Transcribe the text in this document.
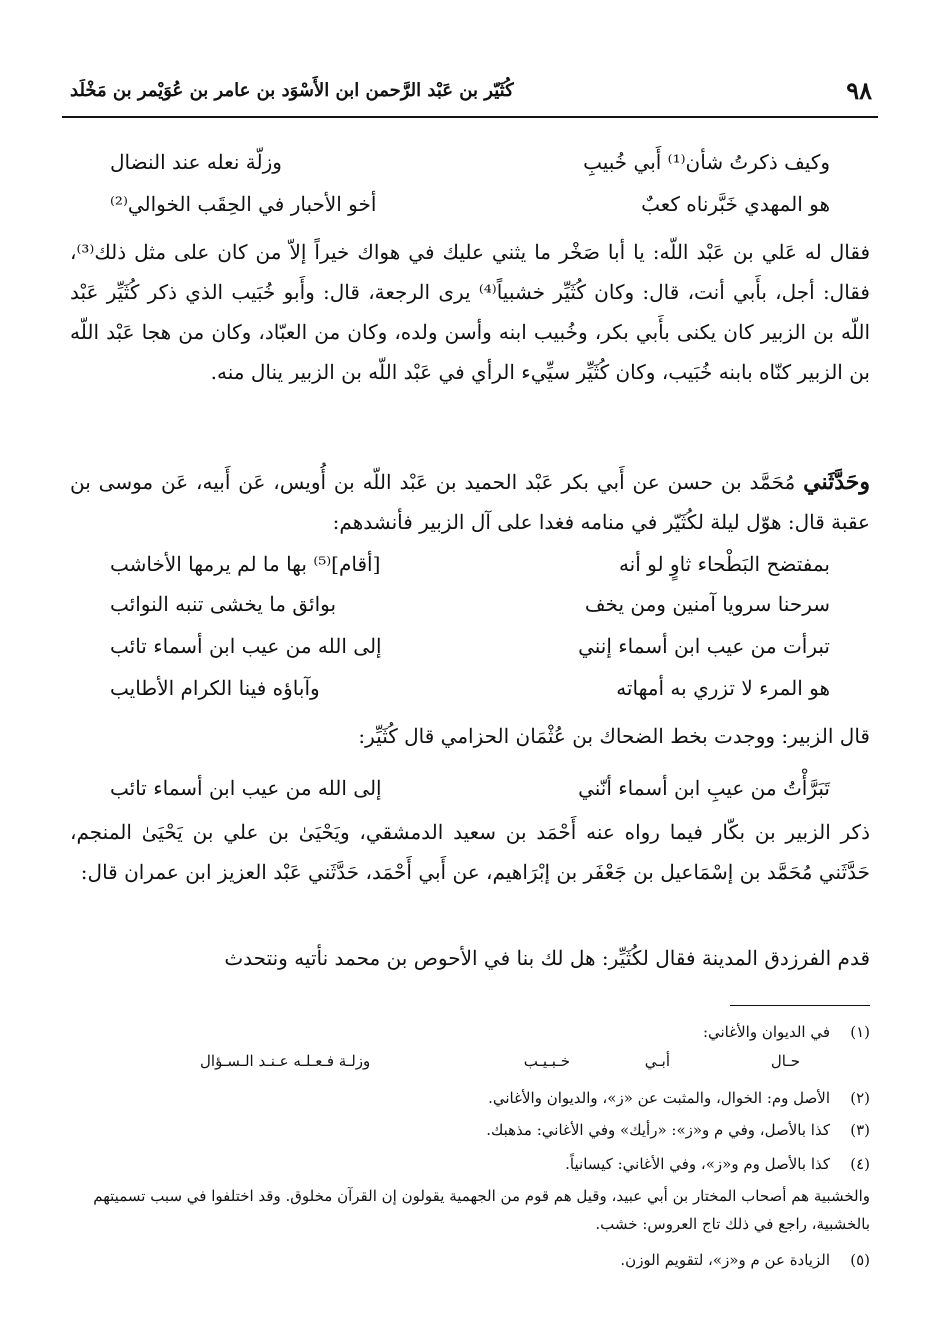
٩٨
كُثَيّر بن عَبْد الرَّحمن ابن الأَسْوَد بن عامر بن عُوَيْمر بن مَخْلَد
وكيف ذكرتُ شأن⁽¹⁾ أَبي خُبيبِ
وزلّة نعله عند النضال
هو المهدي خَبَّرناه كعبٌ
أخو الأحبار في الحِقَب الخوالي⁽²⁾
فقال له عَلي بن عَبْد اللّه: يا أبا صَخْر ما يثني عليك في هواك خيراً إلاّ من كان على مثل ذلك⁽³⁾، فقال: أجل، بأَبي أنت، قال: وكان كُثَيِّر خشبياً⁽⁴⁾ يرى الرجعة، قال: وأَبو خُبَيب الذي ذكر كُثَيِّر عَبْد اللّه بن الزبير كان يكنى بأَبي بكر، وخُبيب ابنه وأسن ولده، وكان من العبّاد، وكان من هجا عَبْد اللّه بن الزبير كنّاه بابنه خُبَيب، وكان كُثَيِّر سيِّيء الرأي في عَبْد اللّه بن الزبير ينال منه.
وحَدَّثَني مُحَمَّد بن حسن عن أَبي بكر عَبْد الحميد بن عَبْد اللّه بن أُويس، عَن أَبيه، عَن موسى بن عقبة قال: هوّل ليلة لكُثَيّر في منامه فغدا على آل الزبير فأنشدهم:
بمفتضح البَطْحاء ثاوٍ لو أنه
[أقام]⁽⁵⁾ بها ما لم يرمها الأخاشب
سرحنا سرويا آمنين ومن يخف
بوائق ما يخشى تنبه النوائب
تبرأت من عيب ابن أسماء إنني
إلى الله من عيب ابن أسماء تائب
هو المرء لا تزري به أمهاته
وآباؤه فينا الكرام الأطايب
قال الزبير: ووجدت بخط الضحاك بن عُثْمَان الحزامي قال كُثَيِّر:
تَبَرَّأْتُ من عيبِ ابن أسماء أنّني
إلى الله من عيب ابن أسماء تائب
ذكر الزبير بن بكّار فيما رواه عنه أَحْمَد بن سعيد الدمشقي، ويَحْيَىٰ بن علي بن يَحْيَىٰ المنجم، حَدَّثَني مُحَمَّد بن إسْمَاعيل بن جَعْفَر بن إبْرَاهيم، عن أَبي أَحْمَد، حَدَّثَني عَبْد العزيز ابن عمران قال:
قدم الفرزدق المدينة فقال لكُثَيِّر: هل لك بنا في الأحوص بن محمد نأتيه ونتحدث
(١)في الديوان والأغاني:
حـال
أبـي
خـبـيـب
وزلـة فـعـلـه عـنـد الـسـؤال
(٢)الأصل وم: الخوال، والمثبت عن «ز»، والديوان والأغاني.
(٣)كذا بالأصل، وفي م و«ز»: «رأيك» وفي الأغاني: مذهبك.
(٤)كذا بالأصل وم و«ز»، وفي الأغاني: كيسانياً.
والخشبية هم أصحاب المختار بن أبي عبيد، وقيل هم قوم من الجهمية يقولون إن القرآن مخلوق. وقد اختلفوا في سبب تسميتهم بالخشبية، راجع في ذلك تاج العروس: خشب.
(٥)الزيادة عن م و«ز»، لتقويم الوزن.
